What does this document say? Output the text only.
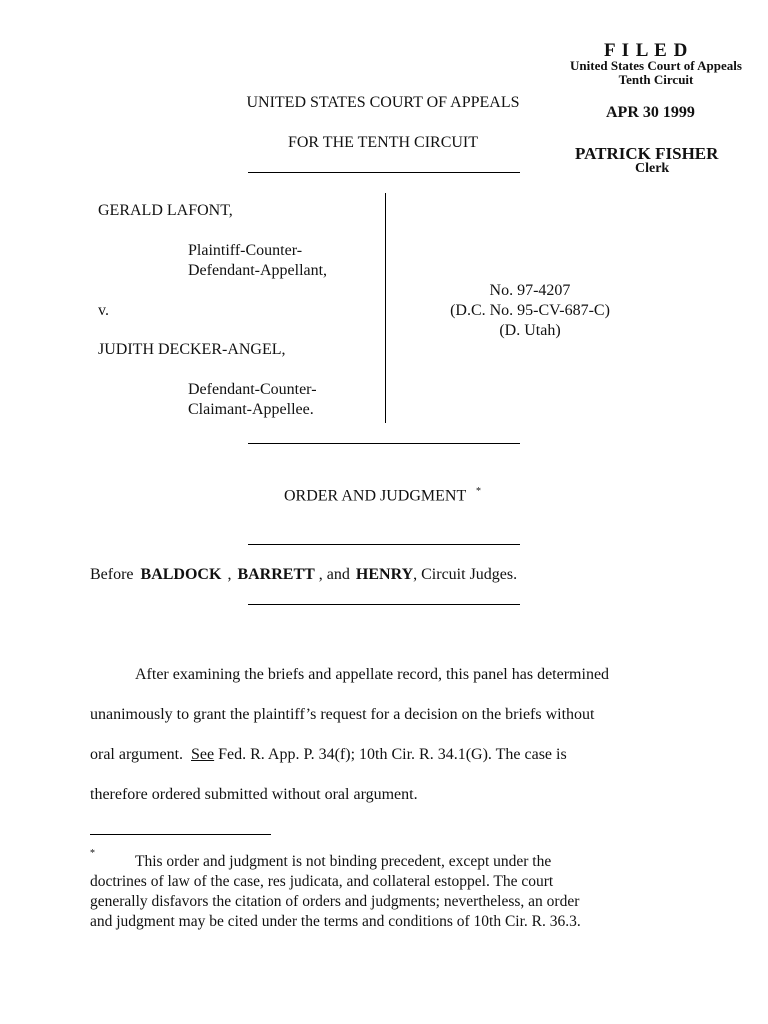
F I L E D
United States Court of Appeals
Tenth Circuit
APR 30 1999
PATRICK FISHER
Clerk
UNITED STATES COURT OF APPEALS
FOR THE TENTH CIRCUIT
GERALD LAFONT,
Plaintiff-Counter-
Defendant-Appellant,
v.
JUDITH DECKER-ANGEL,
Defendant-Counter-
Claimant-Appellee.
No. 97-4207
(D.C. No. 95-CV-687-C)
(D. Utah)
ORDER AND JUDGMENT *
Before BALDOCK , BARRETT , and HENRY, Circuit Judges.
After examining the briefs and appellate record, this panel has determined
unanimously to grant the plaintiff’s request for a decision on the briefs without
oral argument. See Fed. R. App. P. 34(f); 10th Cir. R. 34.1(G). The case is
therefore ordered submitted without oral argument.
*	This order and judgment is not binding precedent, except under the
doctrines of law of the case, res judicata, and collateral estoppel. The court
generally disfavors the citation of orders and judgments; nevertheless, an order
and judgment may be cited under the terms and conditions of 10th Cir. R. 36.3.
